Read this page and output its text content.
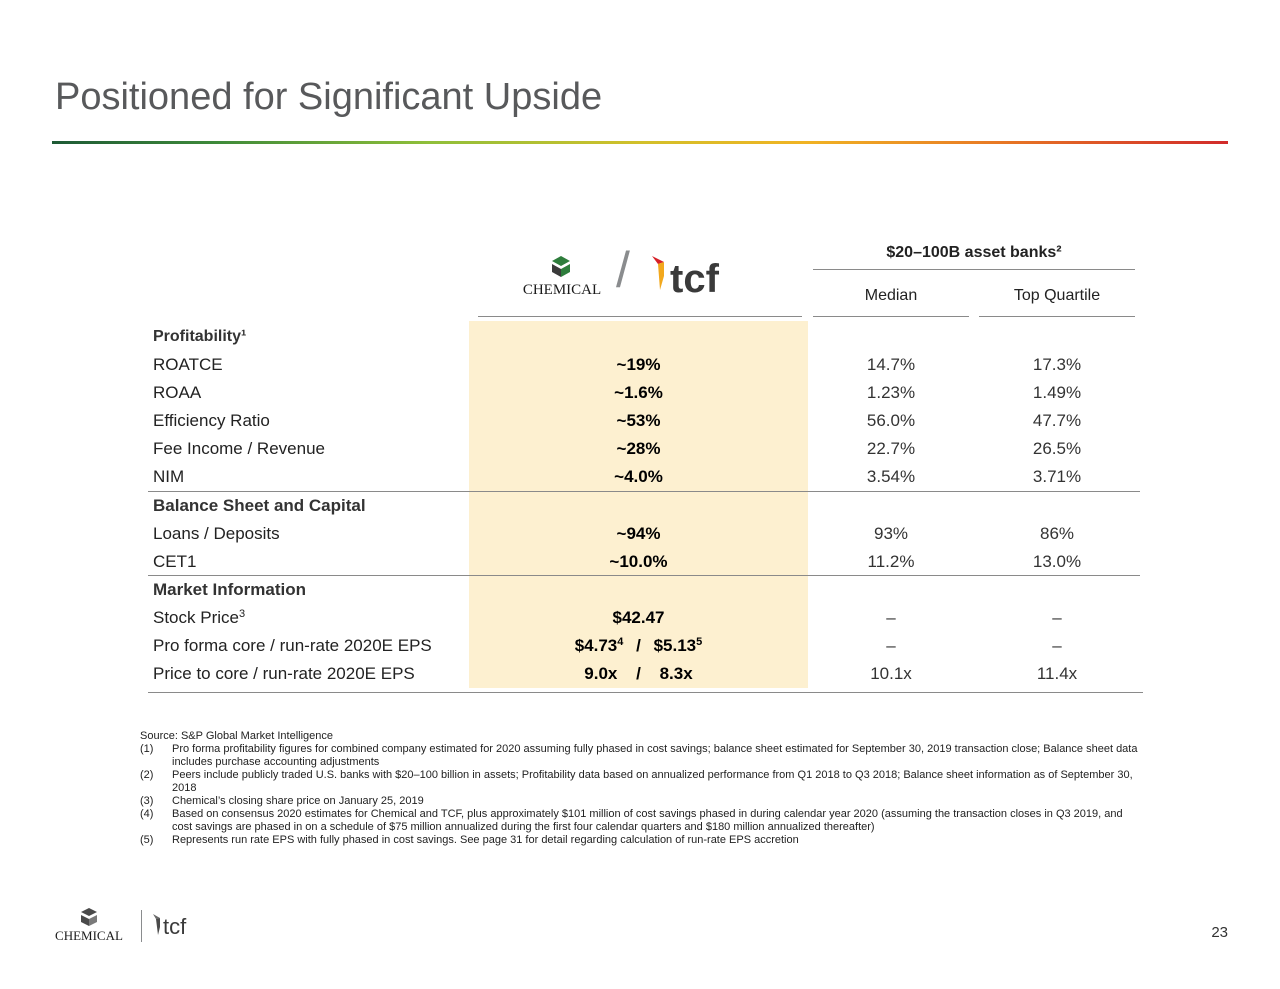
Positioned for Significant Upside
CHEMICAL / tcf
$20–100B asset banks²
Median	Top Quartile
Profitability¹
ROATCE	~19%	14.7%	17.3%
ROAA	~1.6%	1.23%	1.49%
Efficiency Ratio	~53%	56.0%	47.7%
Fee Income / Revenue	~28%	22.7%	26.5%
NIM	~4.0%	3.54%	3.71%
Balance Sheet and Capital
Loans / Deposits	~94%	93%	86%
CET1	~10.0%	11.2%	13.0%
Market Information
Stock Price$^3$	$42.47	–	–
Pro forma core / run-rate 2020E EPS	$4.73$^4$ / $5.13$^5$	–	–
Price to core / run-rate 2020E EPS	9.0x / 8.3x	10.1x	11.4x
Source: S&P Global Market Intelligence
(1)	Pro forma profitability figures for combined company estimated for 2020 assuming fully phased in cost savings; balance sheet estimated for September 30, 2019 transaction close; Balance sheet data includes purchase accounting adjustments
(2)	Peers include publicly traded U.S. banks with $20–100 billion in assets; Profitability data based on annualized performance from Q1 2018 to Q3 2018; Balance sheet information as of September 30, 2018
(3)	Chemical’s closing share price on January 25, 2019
(4)	Based on consensus 2020 estimates for Chemical and TCF, plus approximately $101 million of cost savings phased in during calendar year 2020 (assuming the transaction closes in Q3 2019, and cost savings are phased in on a schedule of $75 million annualized during the first four calendar quarters and $180 million annualized thereafter)
(5)	Represents run rate EPS with fully phased in cost savings. See page 31 for detail regarding calculation of run-rate EPS accretion
CHEMICAL tcf	23
